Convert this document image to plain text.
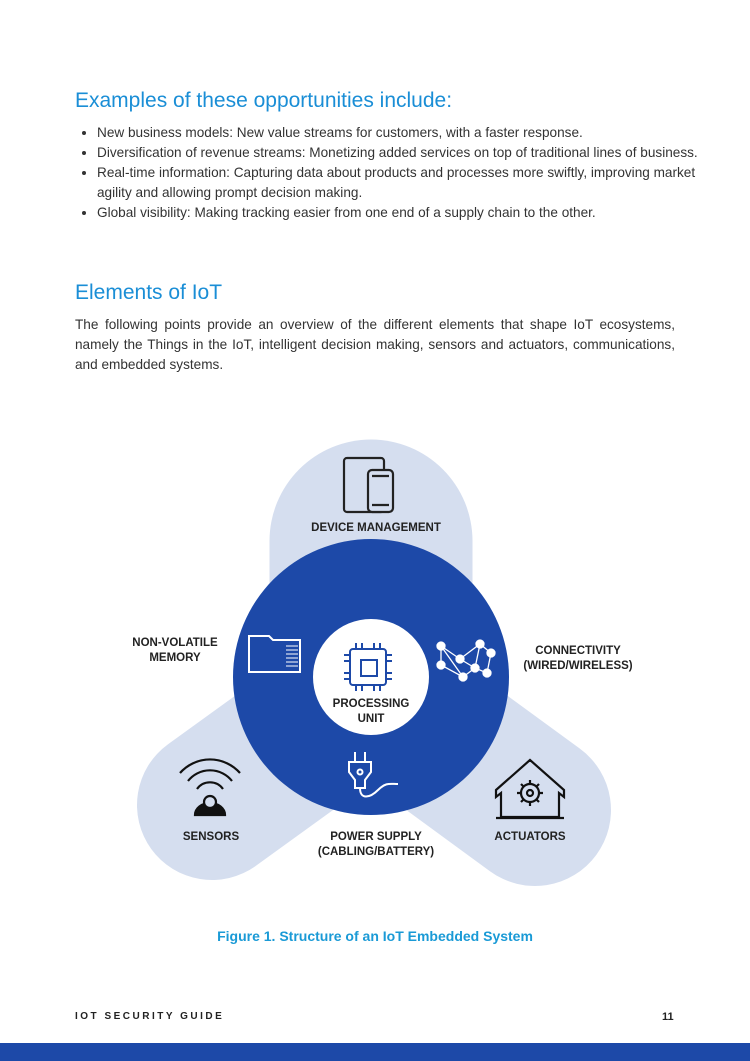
Examples of these opportunities include:
• New business models: New value streams for customers, with a faster response.
• Diversification of revenue streams: Monetizing added services on top of traditional lines of business.
• Real-time information: Capturing data about products and processes more swiftly, improving market agility and allowing prompt decision making.
• Global visibility: Making tracking easier from one end of a supply chain to the other.
Elements of IoT

The following points provide an overview of the different elements that shape IoT ecosystems, namely the Things in the IoT, intelligent decision making, sensors and actuators, communications, and embedded systems.

DEVICE MANAGEMENT
NON-VOLATILE
MEMORY
CONNECTIVITY
(WIRED/WIRELESS)
PROCESSING
UNIT
SENSORS	POWER SUPPLY
(CABLING/BATTERY)
ACTUATORS
Figure 1. Structure of an IoT Embedded System
IOT SECURITY GUIDE	11
